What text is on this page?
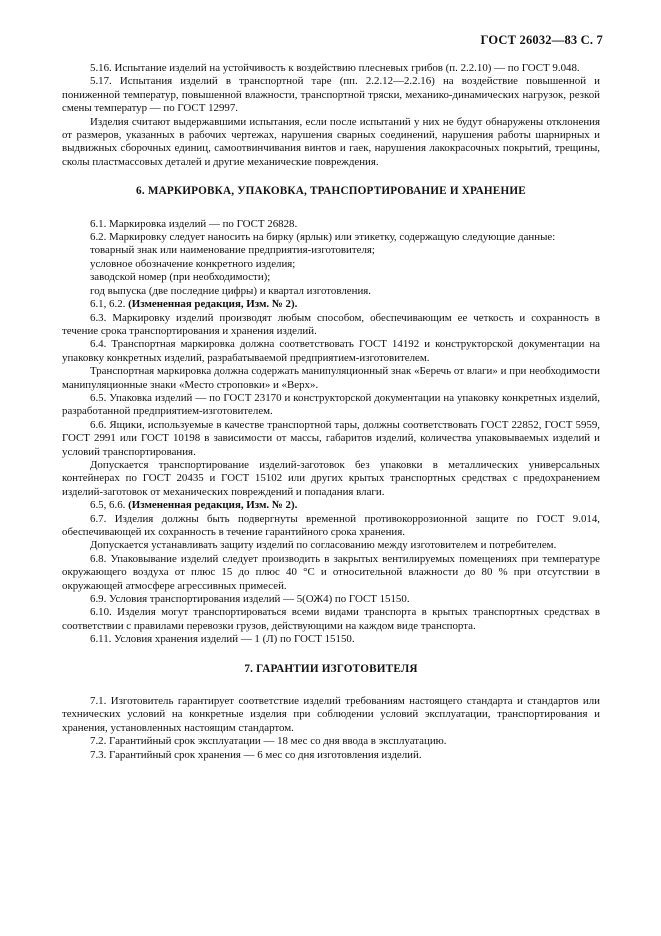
ГОСТ 26032—83 С. 7

5.16. Испытание изделий на устойчивость к воздействию плесневых грибов (п. 2.2.10) — по ГОСТ 9.048.

5.17. Испытания изделий в транспортной таре (пп. 2.2.12—2.2.16) на воздействие повышенной и пониженной температур, повышенной влажности, транспортной тряски, механико-динамических нагрузок, резкой смены температур — по ГОСТ 12997.

Изделия считают выдержавшими испытания, если после испытаний у них не будут обнаружены отклонения от размеров, указанных в рабочих чертежах, нарушения сварных соединений, нарушения работы шарнирных и выдвижных сборочных единиц, самоотвинчивания винтов и гаек, нарушения лакокрасочных покрытий, трещины, сколы пластмассовых деталей и другие механические повреждения.

6. МАРКИРОВКА, УПАКОВКА, ТРАНСПОРТИРОВАНИЕ И ХРАНЕНИЕ

6.1. Маркировка изделий — по ГОСТ 26828.

6.2. Маркировку следует наносить на бирку (ярлык) или этикетку, содержащую следующие данные:

товарный знак или наименование предприятия-изготовителя;

условное обозначение конкретного изделия;

заводской номер (при необходимости);

год выпуска (две последние цифры) и квартал изготовления.

6.1, 6.2. (Измененная редакция, Изм. № 2).

6.3. Маркировку изделий производят любым способом, обеспечивающим ее четкость и сохранность в течение срока транспортирования и хранения изделий.

6.4. Транспортная маркировка должна соответствовать ГОСТ 14192 и конструкторской документации на упаковку конкретных изделий, разрабатываемой предприятием-изготовителем.

Транспортная маркировка должна содержать манипуляционный знак «Беречь от влаги» и при необходимости манипуляционные знаки «Место строповки» и «Верх».

6.5. Упаковка изделий — по ГОСТ 23170 и конструкторской документации на упаковку конкретных изделий, разработанной предприятием-изготовителем.

6.6. Ящики, используемые в качестве транспортной тары, должны соответствовать ГОСТ 22852, ГОСТ 5959, ГОСТ 2991 или ГОСТ 10198 в зависимости от массы, габаритов изделий, количества упаковываемых изделий и условий транспортирования.

Допускается транспортирование изделий-заготовок без упаковки в металлических универсальных контейнерах по ГОСТ 20435 и ГОСТ 15102 или других крытых транспортных средствах с предохранением изделий-заготовок от механических повреждений и попадания влаги.

6.5, 6.6. (Измененная редакция, Изм. № 2).

6.7. Изделия должны быть подвергнуты временной противокоррозионной защите по ГОСТ 9.014, обеспечивающей их сохранность в течение гарантийного срока хранения.

Допускается устанавливать защиту изделий по согласованию между изготовителем и потребителем.

6.8. Упаковывание изделий следует производить в закрытых вентилируемых помещениях при температуре окружающего воздуха от плюс 15 до плюс 40 °С и относительной влажности до 80 % при отсутствии в окружающей атмосфере агрессивных примесей.

6.9. Условия транспортирования изделий — 5(ОЖ4) по ГОСТ 15150.

6.10. Изделия могут транспортироваться всеми видами транспорта в крытых транспортных средствах в соответствии с правилами перевозки грузов, действующими на каждом виде транспорта.

6.11. Условия хранения изделий — 1 (Л) по ГОСТ 15150.

7. ГАРАНТИИ ИЗГОТОВИТЕЛЯ

7.1. Изготовитель гарантирует соответствие изделий требованиям настоящего стандарта и стандартов или технических условий на конкретные изделия при соблюдении условий эксплуатации, транспортирования и хранения, установленных настоящим стандартом.

7.2. Гарантийный срок эксплуатации — 18 мес со дня ввода в эксплуатацию.

7.3. Гарантийный срок хранения — 6 мес со дня изготовления изделий.
